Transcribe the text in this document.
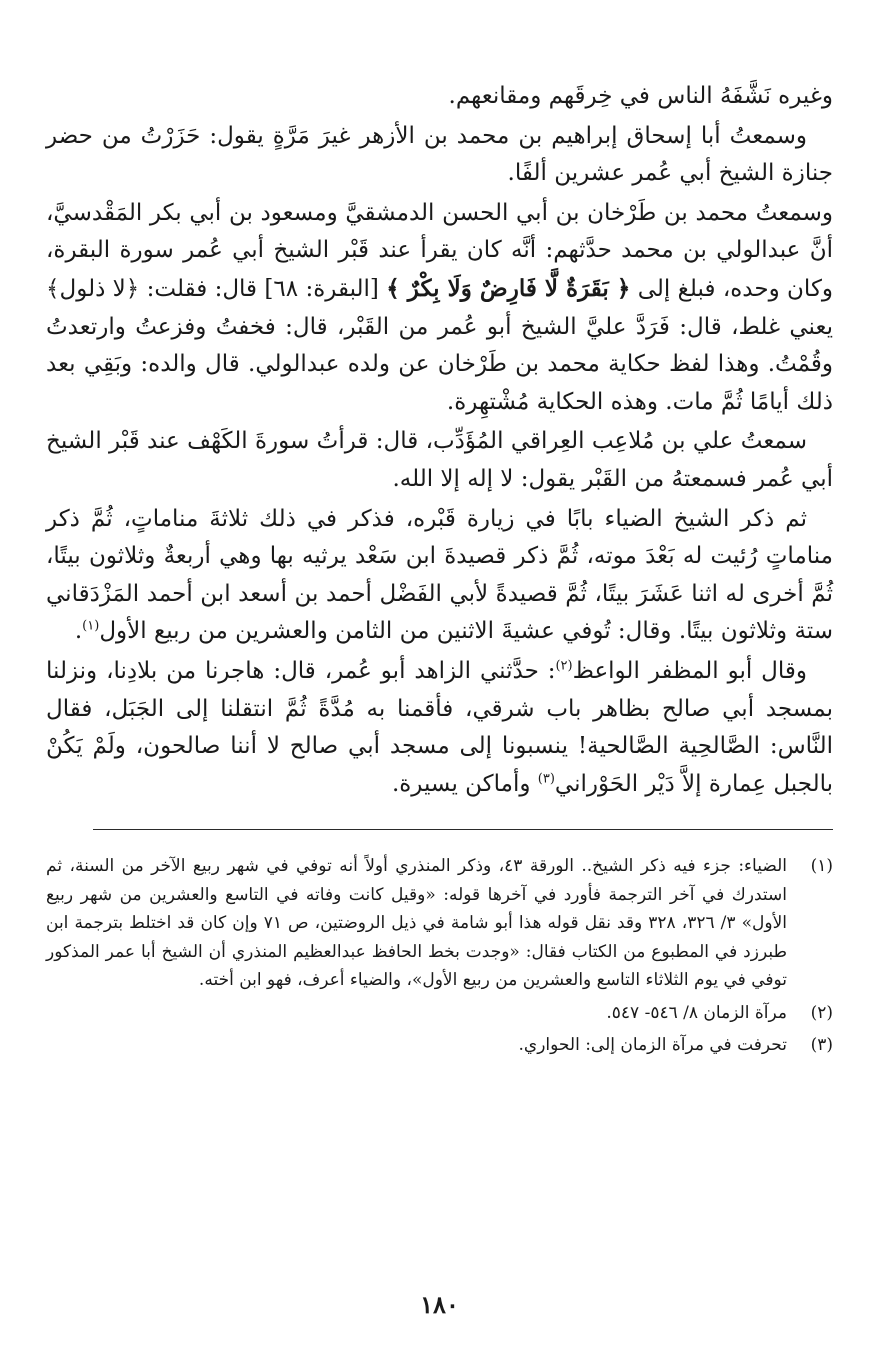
وغيره نَشَّفَهُ الناس في خِرقَهم ومقانعهم.

وسمعتُ أبا إسحاق إبراهيم بن محمد بن الأزهر غيرَ مَرَّةٍ يقول: حَزَرْتُ من حضر جنازة الشيخ أبي عُمر عشرين ألفًا.

وسمعتُ محمد بن طَرْخان بن أبي الحسن الدمشقيَّ ومسعود بن أبي بكر المَقْدسيَّ، أنَّ عبدالولي بن محمد حدَّثهم: أنَّه كان يقرأ عند قَبْر الشيخ أبي عُمر سورة البقرة، وكان وحده، فبلغ إلى ﴿ بَقَرَةٌ لَّا فَارِضٌ وَلَا بِكْرٌ ﴾ [البقرة: ٦٨] قال: فقلت: ﴿لا ذلول﴾ يعني غلط، قال: فَرَدَّ عليَّ الشيخ أبو عُمر من القَبْر، قال: فخفتُ وفزعتُ وارتعدتُ وقُمْتُ. وهذا لفظ حكاية محمد بن طَرْخان عن ولده عبدالولي. قال والده: وبَقِي بعد ذلك أيامًا ثُمَّ مات. وهذه الحكاية مُشْتهِرة.

سمعتُ علي بن مُلاعِب العِراقي المُؤَدِّب، قال: قرأتُ سورةَ الكَهْف عند قَبْر الشيخ أبي عُمر فسمعتهُ من القَبْر يقول: لا إله إلا الله.

ثم ذكر الشيخ الضياء بابًا في زيارة قَبْره، فذكر في ذلك ثلاثةَ مناماتٍ، ثُمَّ ذكر مناماتٍ رُئيت له بَعْدَ موته، ثُمَّ ذكر قصيدةَ ابن سَعْد يرثيه بها وهي أربعةٌ وثلاثون بيتًا، ثُمَّ أخرى له اثنا عَشَرَ بيتًا، ثُمَّ قصيدةً لأبي الفَضْل أحمد بن أسعد ابن أحمد المَزْدَقاني ستة وثلاثون بيتًا. وقال: تُوفي عشيةَ الاثنين من الثامن والعشرين من ربيع الأول$^{(١)}$.

وقال أبو المظفر الواعظ$^{(٢)}$: حدَّثني الزاهد أبو عُمر، قال: هاجرنا من بلادِنا، ونزلنا بمسجد أبي صالح بظاهر باب شرقي، فأقمنا به مُدَّةً ثُمَّ انتقلنا إلى الجَبَل، فقال النَّاس: الصَّالحِية الصَّالحية! ينسبونا إلى مسجد أبي صالح لا أننا صالحون، ولَمْ يَكُنْ بالجبل عِمارة إلاَّ دَيْر الحَوْراني$^{(٣)}$ وأماكن يسيرة.

(١)
الضياء: جزء فيه ذكر الشيخ.. الورقة ٤٣، وذكر المنذري أولاً أنه توفي في شهر ربيع الآخر من السنة، ثم استدرك في آخر الترجمة فأورد في آخرها قوله: «وقيل كانت وفاته في التاسع والعشرين من شهر ربيع الأول» ٣/ ٣٢٦، ٣٢٨ وقد نقل قوله هذا أبو شامة في ذيل الروضتين، ص ٧١ وإن كان قد اختلط بترجمة ابن طبرزد في المطبوع من الكتاب فقال: «وجدت بخط الحافظ عبدالعظيم المنذري أن الشيخ أبا عمر المذكور توفي في يوم الثلاثاء التاسع والعشرين من ربيع الأول»، والضياء أعرف، فهو ابن أخته.
(٢)
مرآة الزمان ٨/ ٥٤٦- ٥٤٧.
(٣)
تحرفت في مرآة الزمان إلى: الحواري.
١٨٠
